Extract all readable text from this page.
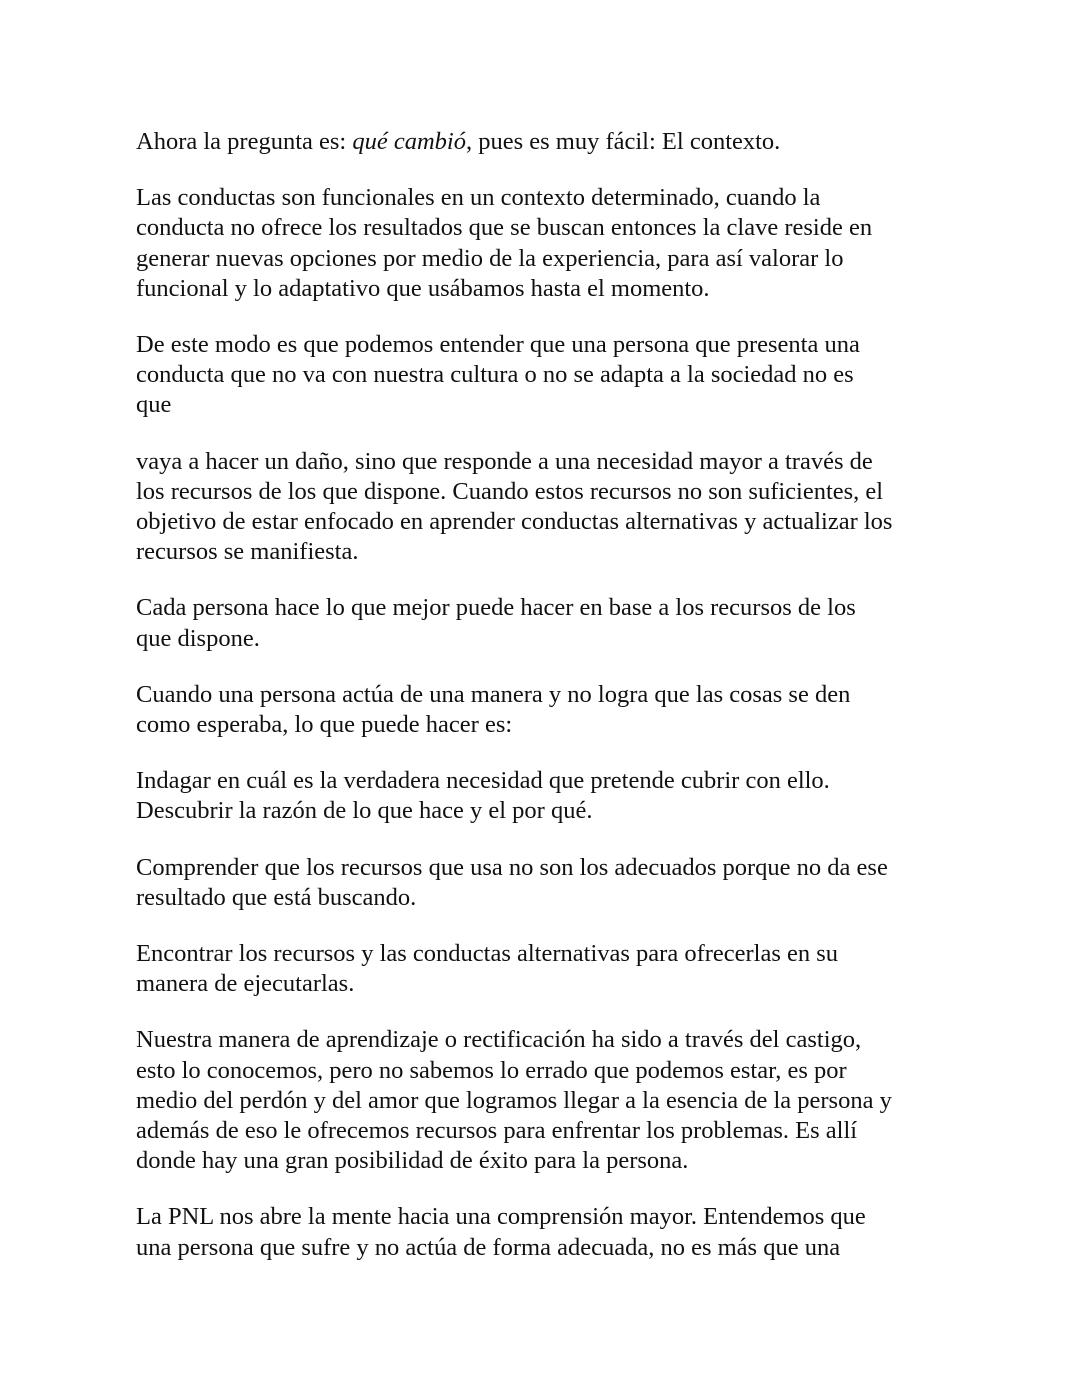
Ahora la pregunta es: qué cambió, pues es muy fácil: El contexto.

Las conductas son funcionales en un contexto determinado, cuando la
conducta no ofrece los resultados que se buscan entonces la clave reside en
generar nuevas opciones por medio de la experiencia, para así valorar lo
funcional y lo adaptativo que usábamos hasta el momento.

De este modo es que podemos entender que una persona que presenta una
conducta que no va con nuestra cultura o no se adapta a la sociedad no es
que

vaya a hacer un daño, sino que responde a una necesidad mayor a través de
los recursos de los que dispone. Cuando estos recursos no son suficientes, el
objetivo de estar enfocado en aprender conductas alternativas y actualizar los
recursos se manifiesta.

Cada persona hace lo que mejor puede hacer en base a los recursos de los
que dispone.

Cuando una persona actúa de una manera y no logra que las cosas se den
como esperaba, lo que puede hacer es:

Indagar en cuál es la verdadera necesidad que pretende cubrir con ello.
Descubrir la razón de lo que hace y el por qué.

Comprender que los recursos que usa no son los adecuados porque no da ese
resultado que está buscando.

Encontrar los recursos y las conductas alternativas para ofrecerlas en su
manera de ejecutarlas.

Nuestra manera de aprendizaje o rectificación ha sido a través del castigo,
esto lo conocemos, pero no sabemos lo errado que podemos estar, es por
medio del perdón y del amor que logramos llegar a la esencia de la persona y
además de eso le ofrecemos recursos para enfrentar los problemas. Es allí
donde hay una gran posibilidad de éxito para la persona.

La PNL nos abre la mente hacia una comprensión mayor. Entendemos que
una persona que sufre y no actúa de forma adecuada, no es más que una
